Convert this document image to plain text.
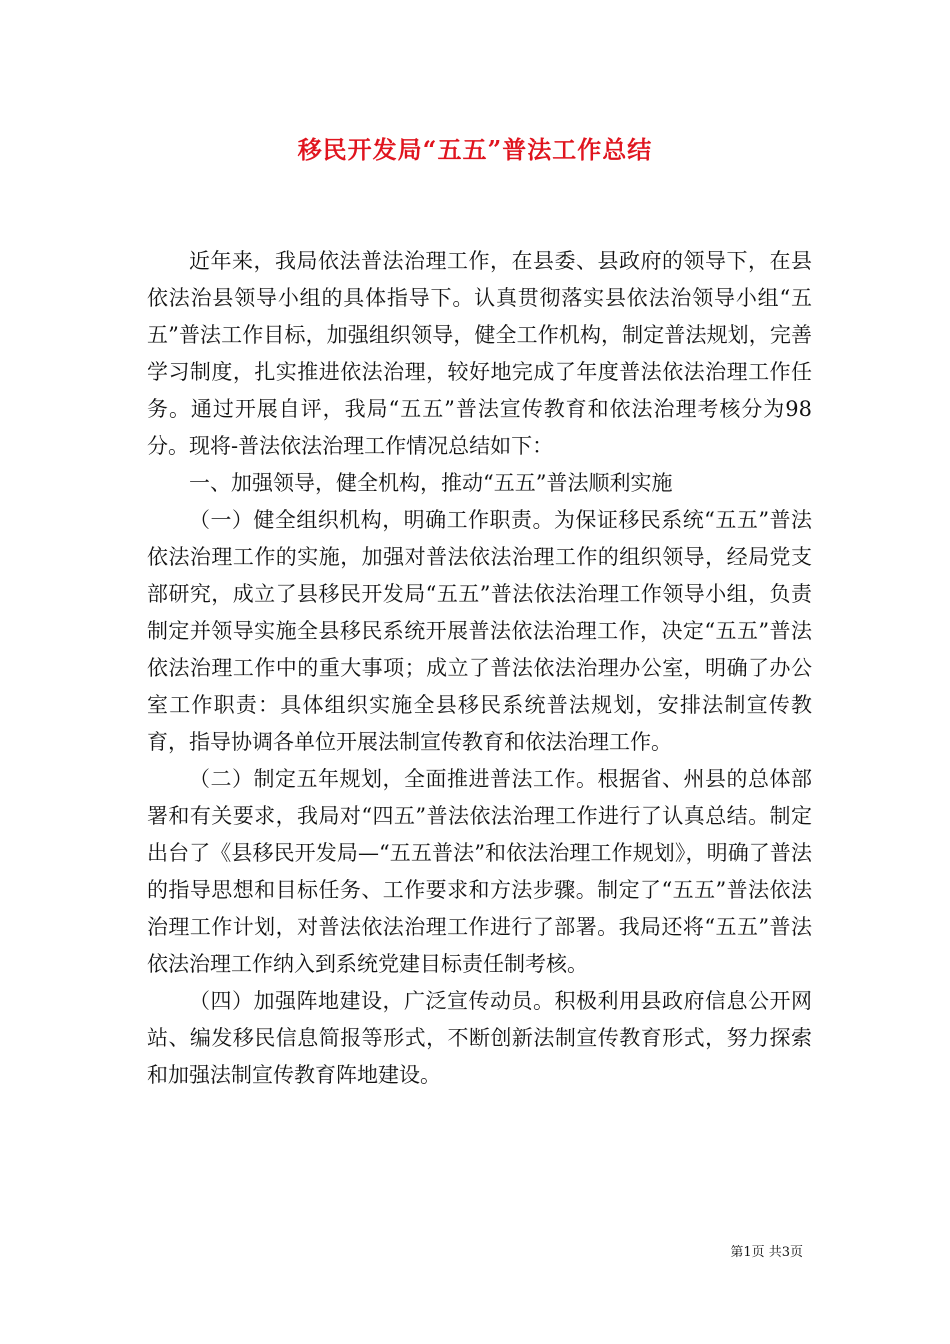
移民开发局“五五”普法工作总结

近年来，我局依法普法治理工作，在县委、县政府的领导下，在县依法治县领导小组的具体指导下。认真贯彻落实县依法治领导小组“五五”普法工作目标，加强组织领导，健全工作机构，制定普法规划，完善学习制度，扎实推进依法治理，较好地完成了年度普法依法治理工作任务。通过开展自评，我局“五五”普法宣传教育和依法治理考核分为98分。现将-普法依法治理工作情况总结如下：

一、加强领导，健全机构，推动“五五”普法顺利实施

（一）健全组织机构，明确工作职责。为保证移民系统“五五”普法依法治理工作的实施，加强对普法依法治理工作的组织领导，经局党支部研究，成立了县移民开发局“五五”普法依法治理工作领导小组，负责制定并领导实施全县移民系统开展普法依法治理工作，决定“五五”普法依法治理工作中的重大事项；成立了普法依法治理办公室，明确了办公室工作职责：具体组织实施全县移民系统普法规划，安排法制宣传教育，指导协调各单位开展法制宣传教育和依法治理工作。

（二）制定五年规划，全面推进普法工作。根据省、州县的总体部署和有关要求，我局对“四五”普法依法治理工作进行了认真总结。制定出台了《县移民开发局—“五五普法”和依法治理工作规划》，明确了普法的指导思想和目标任务、工作要求和方法步骤。制定了“五五”普法依法治理工作计划，对普法依法治理工作进行了部署。我局还将“五五”普法依法治理工作纳入到系统党建目标责任制考核。

（四）加强阵地建设，广泛宣传动员。积极利用县政府信息公开网站、编发移民信息简报等形式，不断创新法制宣传教育形式，努力探索和加强法制宣传教育阵地建设。

第1页 共3页
